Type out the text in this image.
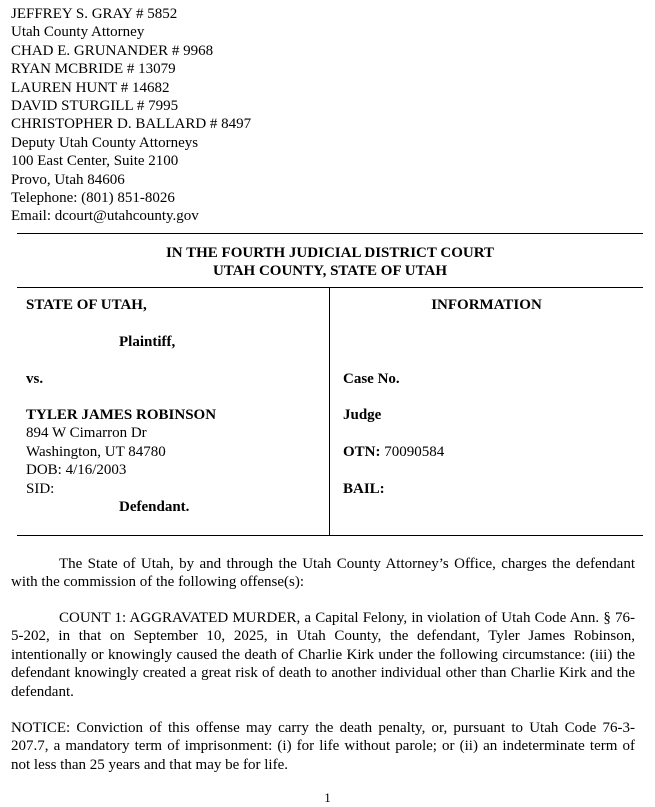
JEFFREY S. GRAY # 5852
Utah County Attorney
CHAD E. GRUNANDER # 9968
RYAN MCBRIDE # 13079
LAUREN HUNT # 14682
DAVID STURGILL # 7995
CHRISTOPHER D. BALLARD # 8497
Deputy Utah County Attorneys
100 East Center, Suite 2100
Provo, Utah 84606
Telephone: (801) 851-8026
Email: dcourt@utahcounty.gov
IN THE FOURTH JUDICIAL DISTRICT COURT
UTAH COUNTY, STATE OF UTAH
STATE OF UTAH,
Plaintiff,
vs.
TYLER JAMES ROBINSON
894 W Cimarron Dr
Washington, UT 84780
DOB: 4/16/2003
SID:
Defendant.
INFORMATION
Case No.
Judge
OTN: 70090584
BAIL:
The State of Utah, by and through the Utah County Attorney’s Office, charges the defendant with the commission of the following offense(s):
COUNT 1: AGGRAVATED MURDER, a Capital Felony, in violation of Utah Code Ann. § 76-5-202, in that on September 10, 2025, in Utah County, the defendant, Tyler James Robinson, intentionally or knowingly caused the death of Charlie Kirk under the following circumstance: (iii) the defendant knowingly created a great risk of death to another individual other than Charlie Kirk and the defendant.
NOTICE: Conviction of this offense may carry the death penalty, or, pursuant to Utah Code 76-3-207.7, a mandatory term of imprisonment: (i) for life without parole; or (ii) an indeterminate term of not less than 25 years and that may be for life.
1
